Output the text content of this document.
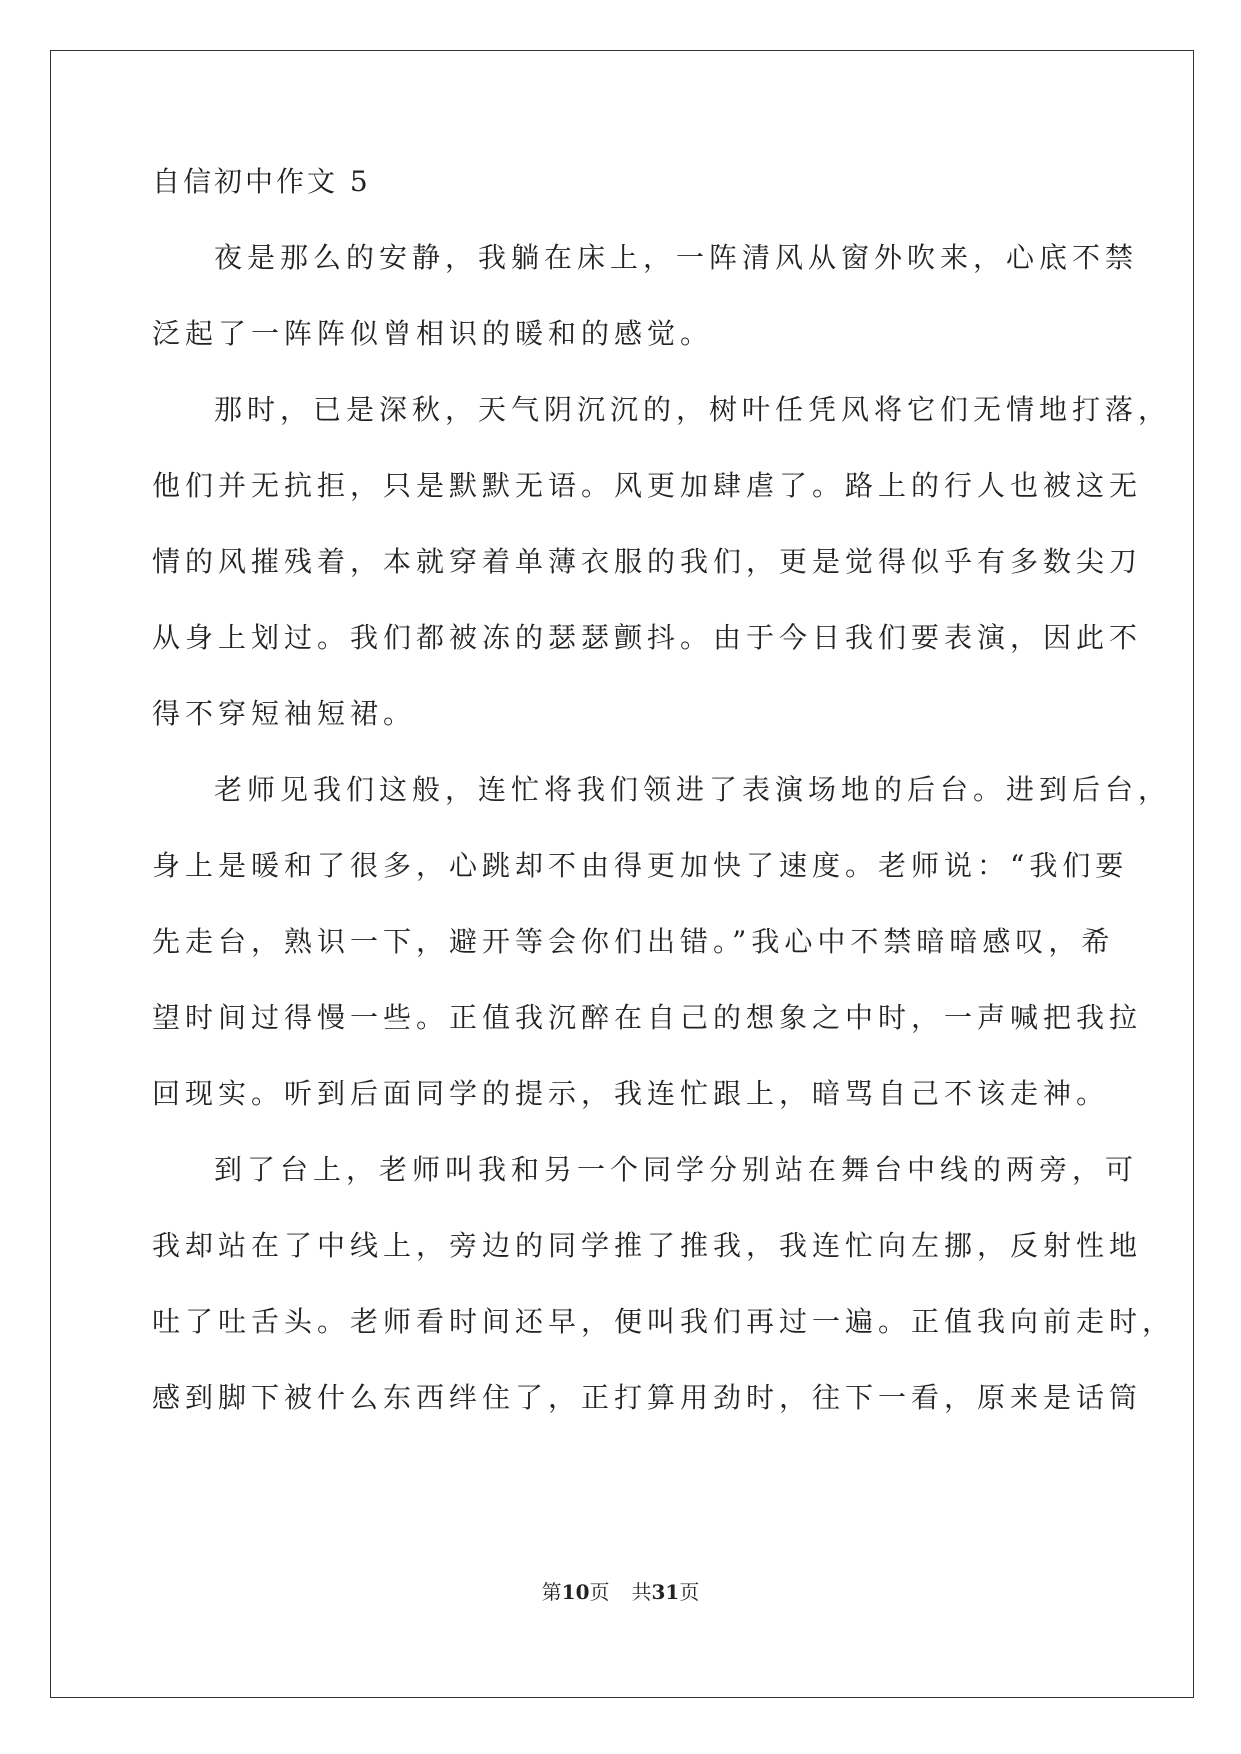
自信初中作文 5
夜是那么的安静，我躺在床上，一阵清风从窗外吹来，心底不禁
泛起了一阵阵似曾相识的暖和的感觉。
那时，已是深秋，天气阴沉沉的，树叶任凭风将它们无情地打落，
他们并无抗拒，只是默默无语。风更加肆虐了。路上的行人也被这无
情的风摧残着，本就穿着单薄衣服的我们，更是觉得似乎有多数尖刀
从身上划过。我们都被冻的瑟瑟颤抖。由于今日我们要表演，因此不
得不穿短袖短裙。
老师见我们这般，连忙将我们领进了表演场地的后台。进到后台，
身上是暖和了很多，心跳却不由得更加快了速度。老师说：“我们要
先走台，熟识一下，避开等会你们出错。”我心中不禁暗暗感叹，希
望时间过得慢一些。正值我沉醉在自己的想象之中时，一声喊把我拉
回现实。听到后面同学的提示，我连忙跟上，暗骂自己不该走神。
到了台上，老师叫我和另一个同学分别站在舞台中线的两旁，可
我却站在了中线上，旁边的同学推了推我，我连忙向左挪，反射性地
吐了吐舌头。老师看时间还早，便叫我们再过一遍。正值我向前走时，
感到脚下被什么东西绊住了，正打算用劲时，往下一看，原来是话筒
第10页 共31页
